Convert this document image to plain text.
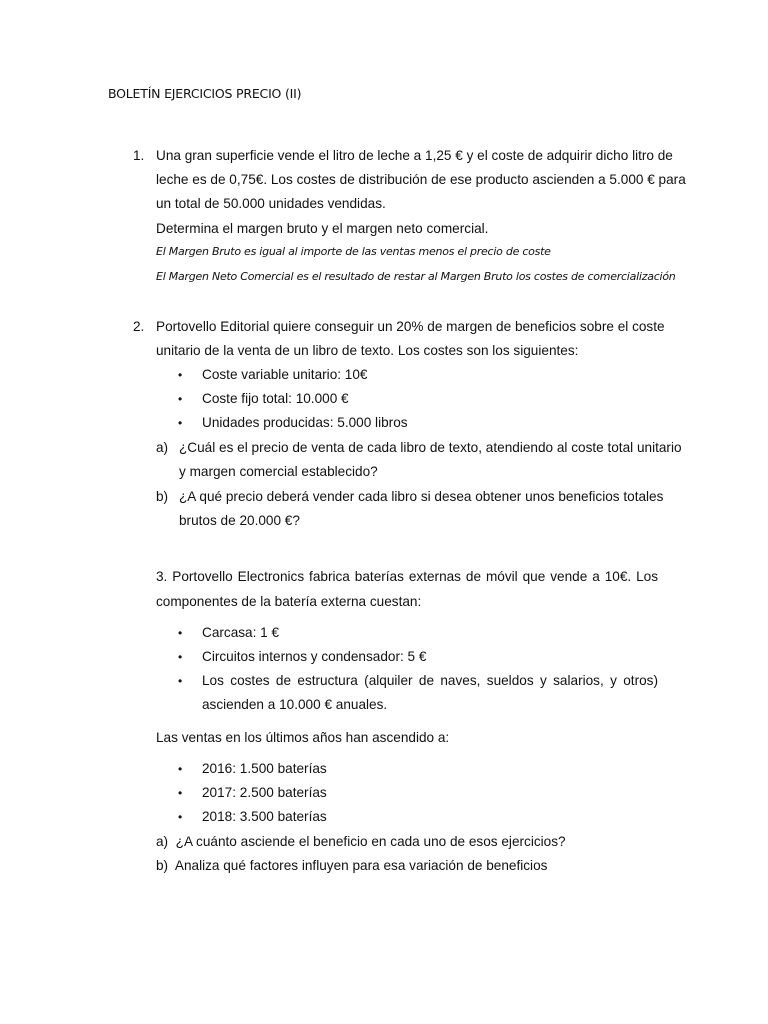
BOLETÍN EJERCICIOS PRECIO (II)
1. Una gran superficie vende el litro de leche a 1,25 € y el coste de adquirir dicho litro de
leche es de 0,75€. Los costes de distribución de ese producto ascienden a 5.000 € para
un total de 50.000 unidades vendidas.
Determina el margen bruto y el margen neto comercial.
El Margen Bruto es igual al importe de las ventas menos el precio de coste
El Margen Neto Comercial es el resultado de restar al Margen Bruto los costes de comercialización
2. Portovello Editorial quiere conseguir un 20% de margen de beneficios sobre el coste
unitario de la venta de un libro de texto. Los costes son los siguientes:
• Coste variable unitario: 10€
• Coste fijo total: 10.000 €
• Unidades producidas: 5.000 libros
a) ¿Cuál es el precio de venta de cada libro de texto, atendiendo al coste total unitario
y margen comercial establecido?
b) ¿A qué precio deberá vender cada libro si desea obtener unos beneficios totales
brutos de 20.000 €?
3. Portovello Electronics fabrica baterías externas de móvil que vende a 10€. Los
componentes de la batería externa cuestan:
• Carcasa: 1 €
• Circuitos internos y condensador: 5 €
• Los costes de estructura (alquiler de naves, sueldos y salarios, y otros)
ascienden a 10.000 € anuales.
Las ventas en los últimos años han ascendido a:
• 2016: 1.500 baterías
• 2017: 2.500 baterías
• 2018: 3.500 baterías
a)  ¿A cuánto asciende el beneficio en cada uno de esos ejercicios?
b)  Analiza qué factores influyen para esa variación de beneficios
